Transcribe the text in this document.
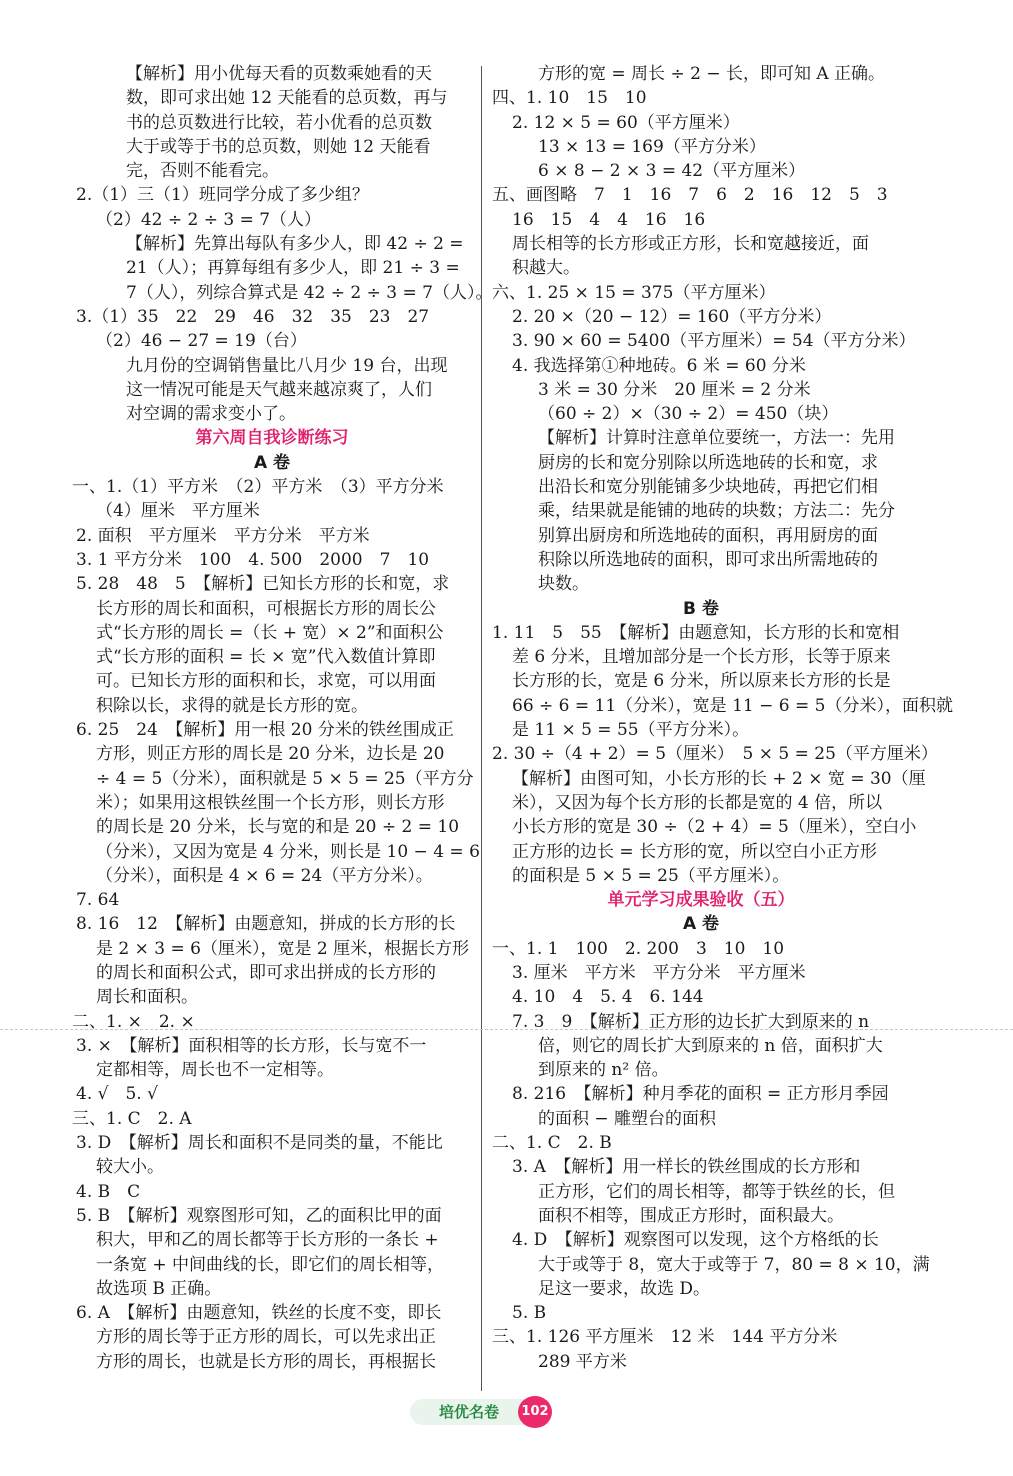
【解析】用小优每天看的页数乘她看的天
数，即可求出她 12 天能看的总页数，再与
书的总页数进行比较，若小优看的总页数
大于或等于书的总页数，则她 12 天能看
完，否则不能看完。
2.（1）三（1）班同学分成了多少组？
（2）42 ÷ 2 ÷ 3 = 7（人）
【解析】先算出每队有多少人，即 42 ÷ 2 =
21（人）；再算每组有多少人，即 21 ÷ 3 =
7（人），列综合算式是 42 ÷ 2 ÷ 3 = 7（人）。
3.（1）35　22　29　46　32　35　23　27
（2）46 − 27 = 19（台）
九月份的空调销售量比八月少 19 台，出现
这一情况可能是天气越来越凉爽了，人们
对空调的需求变小了。
第六周自我诊断练习
A 卷
一、1.（1）平方米　（2）平方米　（3）平方分米
（4）厘米　平方厘米
2. 面积　平方厘米　平方分米　平方米
3. 1 平方分米　100　4. 500　2000　7　10
5. 28　48　5　【解析】已知长方形的长和宽，求
长方形的周长和面积，可根据长方形的周长公
式“长方形的周长 =（长 + 宽）× 2”和面积公
式“长方形的面积 = 长 × 宽”代入数值计算即
可。已知长方形的面积和长，求宽，可以用面
积除以长，求得的就是长方形的宽。
6. 25　24　【解析】用一根 20 分米的铁丝围成正
方形，则正方形的周长是 20 分米，边长是 20
÷ 4 = 5（分米），面积就是 5 × 5 = 25（平方分
米）；如果用这根铁丝围一个长方形，则长方形
的周长是 20 分米，长与宽的和是 20 ÷ 2 = 10
（分米），又因为宽是 4 分米，则长是 10 − 4 = 6
（分米），面积是 4 × 6 = 24（平方分米）。
7. 64
8. 16　12　【解析】由题意知，拼成的长方形的长
是 2 × 3 = 6（厘米），宽是 2 厘米，根据长方形
的周长和面积公式，即可求出拼成的长方形的
周长和面积。
二、1. ×　2. ×
3. ×　【解析】面积相等的长方形，长与宽不一
定都相等，周长也不一定相等。
4. √　5. √
三、1. C　2. A
3. D　【解析】周长和面积不是同类的量，不能比
较大小。
4. B　C
5. B　【解析】观察图形可知，乙的面积比甲的面
积大，甲和乙的周长都等于长方形的一条长 +
一条宽 + 中间曲线的长，即它们的周长相等，
故选项 B 正确。
6. A　【解析】由题意知，铁丝的长度不变，即长
方形的周长等于正方形的周长，可以先求出正
方形的周长，也就是长方形的周长，再根据长
方形的宽 = 周长 ÷ 2 − 长，即可知 A 正确。
四、1. 10　15　10
2. 12 × 5 = 60（平方厘米）
13 × 13 = 169（平方分米）
6 × 8 − 2 × 3 = 42（平方厘米）
五、画图略　7　1　16　7　6　2　16　12　5　3
16　15　4　4　16　16
周长相等的长方形或正方形，长和宽越接近，面
积越大。
六、1. 25 × 15 = 375（平方厘米）
2. 20 ×（20 − 12）= 160（平方分米）
3. 90 × 60 = 5400（平方厘米）= 54（平方分米）
4. 我选择第①种地砖。6 米 = 60 分米
3 米 = 30 分米　20 厘米 = 2 分米
（60 ÷ 2）×（30 ÷ 2）= 450（块）
【解析】计算时注意单位要统一，方法一：先用
厨房的长和宽分别除以所选地砖的长和宽，求
出沿长和宽分别能铺多少块地砖，再把它们相
乘，结果就是能铺的地砖的块数；方法二：先分
别算出厨房和所选地砖的面积，再用厨房的面
积除以所选地砖的面积，即可求出所需地砖的
块数。
B 卷
1. 11　5　55　【解析】由题意知，长方形的长和宽相
差 6 分米，且增加部分是一个长方形，长等于原来
长方形的长，宽是 6 分米，所以原来长方形的长是
66 ÷ 6 = 11（分米），宽是 11 − 6 = 5（分米），面积就
是 11 × 5 = 55（平方分米）。
2. 30 ÷（4 + 2）= 5（厘米）　5 × 5 = 25（平方厘米）
【解析】由图可知，小长方形的长 + 2 × 宽 = 30（厘
米），又因为每个长方形的长都是宽的 4 倍，所以
小长方形的宽是 30 ÷（2 + 4）= 5（厘米），空白小
正方形的边长 = 长方形的宽，所以空白小正方形
的面积是 5 × 5 = 25（平方厘米）。
单元学习成果验收（五）
A 卷
一、1. 1　100　2. 200　3　10　10
3. 厘米　平方米　平方分米　平方厘米
4. 10　4　5. 4　6. 144
7. 3　9　【解析】正方形的边长扩大到原来的 n
倍，则它的周长扩大到原来的 n 倍，面积扩大
到原来的 n² 倍。
8. 216　【解析】种月季花的面积 = 正方形月季园
的面积 − 雕塑台的面积
二、1. C　2. B
3. A　【解析】用一样长的铁丝围成的长方形和
正方形，它们的周长相等，都等于铁丝的长，但
面积不相等，围成正方形时，面积最大。
4. D　【解析】观察图可以发现，这个方格纸的长
大于或等于 8，宽大于或等于 7，80 = 8 × 10，满
足这一要求，故选 D。
5. B
三、1. 126 平方厘米　12 米　144 平方分米
289 平方米
培优名卷	102
